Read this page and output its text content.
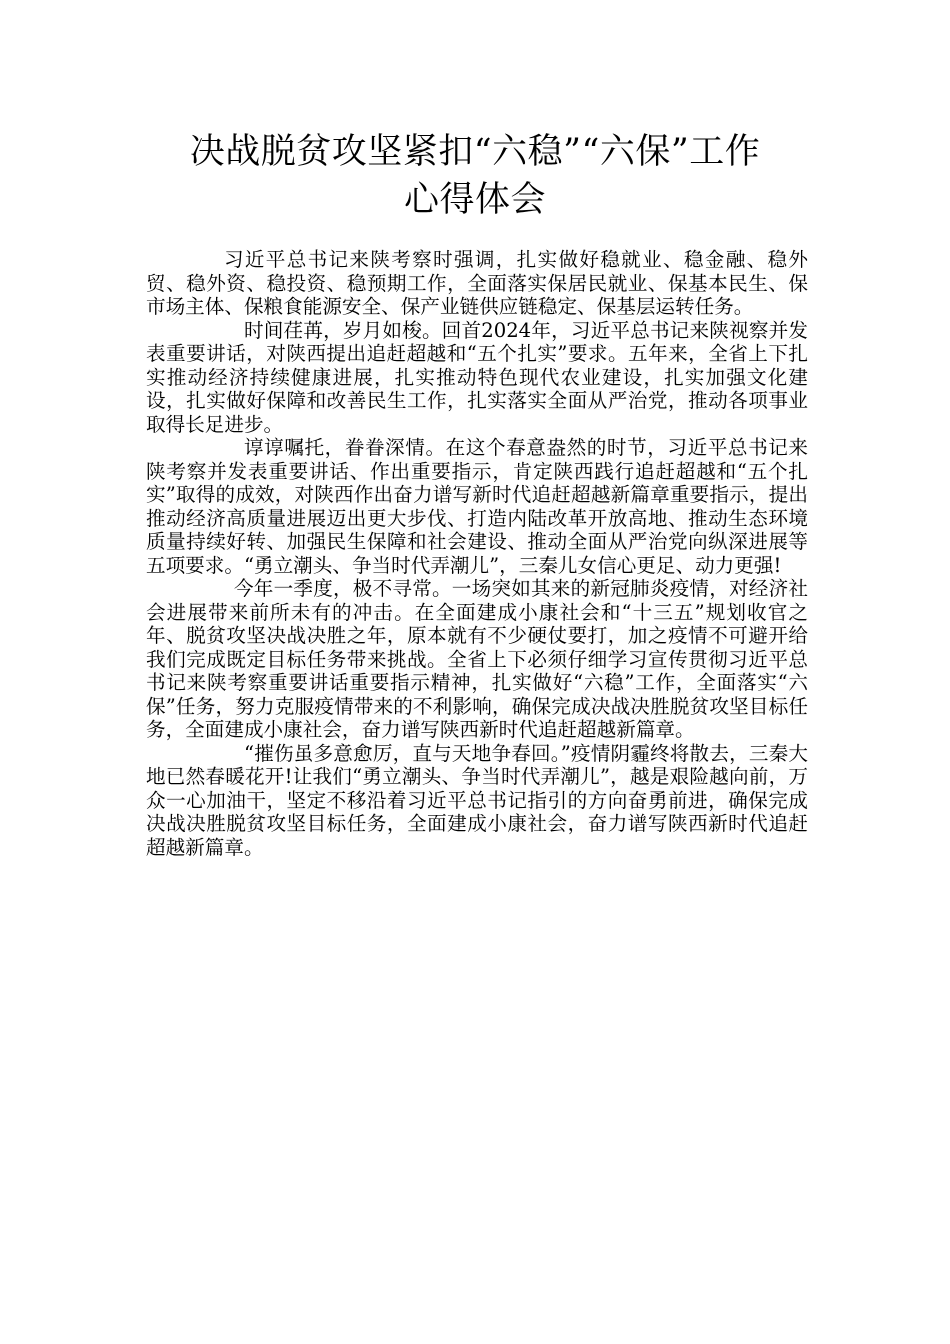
决战脱贫攻坚紧扣“六稳”“六保”工作
心得体会

习近平总书记来陕考察时强调，扎实做好稳就业、稳金融、稳外贸、稳外资、稳投资、稳预期工作，全面落实保居民就业、保基本民生、保市场主体、保粮食能源安全、保产业链供应链稳定、保基层运转任务。

时间荏苒，岁月如梭。回首2024年，习近平总书记来陕视察并发表重要讲话，对陕西提出追赶超越和“五个扎实”要求。五年来，全省上下扎实推动经济持续健康进展，扎实推动特色现代农业建设，扎实加强文化建设，扎实做好保障和改善民生工作，扎实落实全面从严治党，推动各项事业取得长足进步。

谆谆嘱托，眷眷深情。在这个春意盎然的时节，习近平总书记来陕考察并发表重要讲话、作出重要指示，肯定陕西践行追赶超越和“五个扎实”取得的成效，对陕西作出奋力谱写新时代追赶超越新篇章重要指示，提出推动经济高质量进展迈出更大步伐、打造内陆改革开放高地、推动生态环境质量持续好转、加强民生保障和社会建设、推动全面从严治党向纵深进展等五项要求。“勇立潮头、争当时代弄潮儿”，三秦儿女信心更足、动力更强!

今年一季度，极不寻常。一场突如其来的新冠肺炎疫情，对经济社会进展带来前所未有的冲击。在全面建成小康社会和“十三五”规划收官之年、脱贫攻坚决战决胜之年，原本就有不少硬仗要打，加之疫情不可避开给我们完成既定目标任务带来挑战。全省上下必须仔细学习宣传贯彻习近平总书记来陕考察重要讲话重要指示精神，扎实做好“六稳”工作，全面落实“六保”任务，努力克服疫情带来的不利影响，确保完成决战决胜脱贫攻坚目标任务，全面建成小康社会，奋力谱写陕西新时代追赶超越新篇章。

“摧伤虽多意愈厉，直与天地争春回。”疫情阴霾终将散去，三秦大地已然春暖花开!让我们“勇立潮头、争当时代弄潮儿”，越是艰险越向前，万众一心加油干，坚定不移沿着习近平总书记指引的方向奋勇前进，确保完成决战决胜脱贫攻坚目标任务，全面建成小康社会，奋力谱写陕西新时代追赶超越新篇章。
